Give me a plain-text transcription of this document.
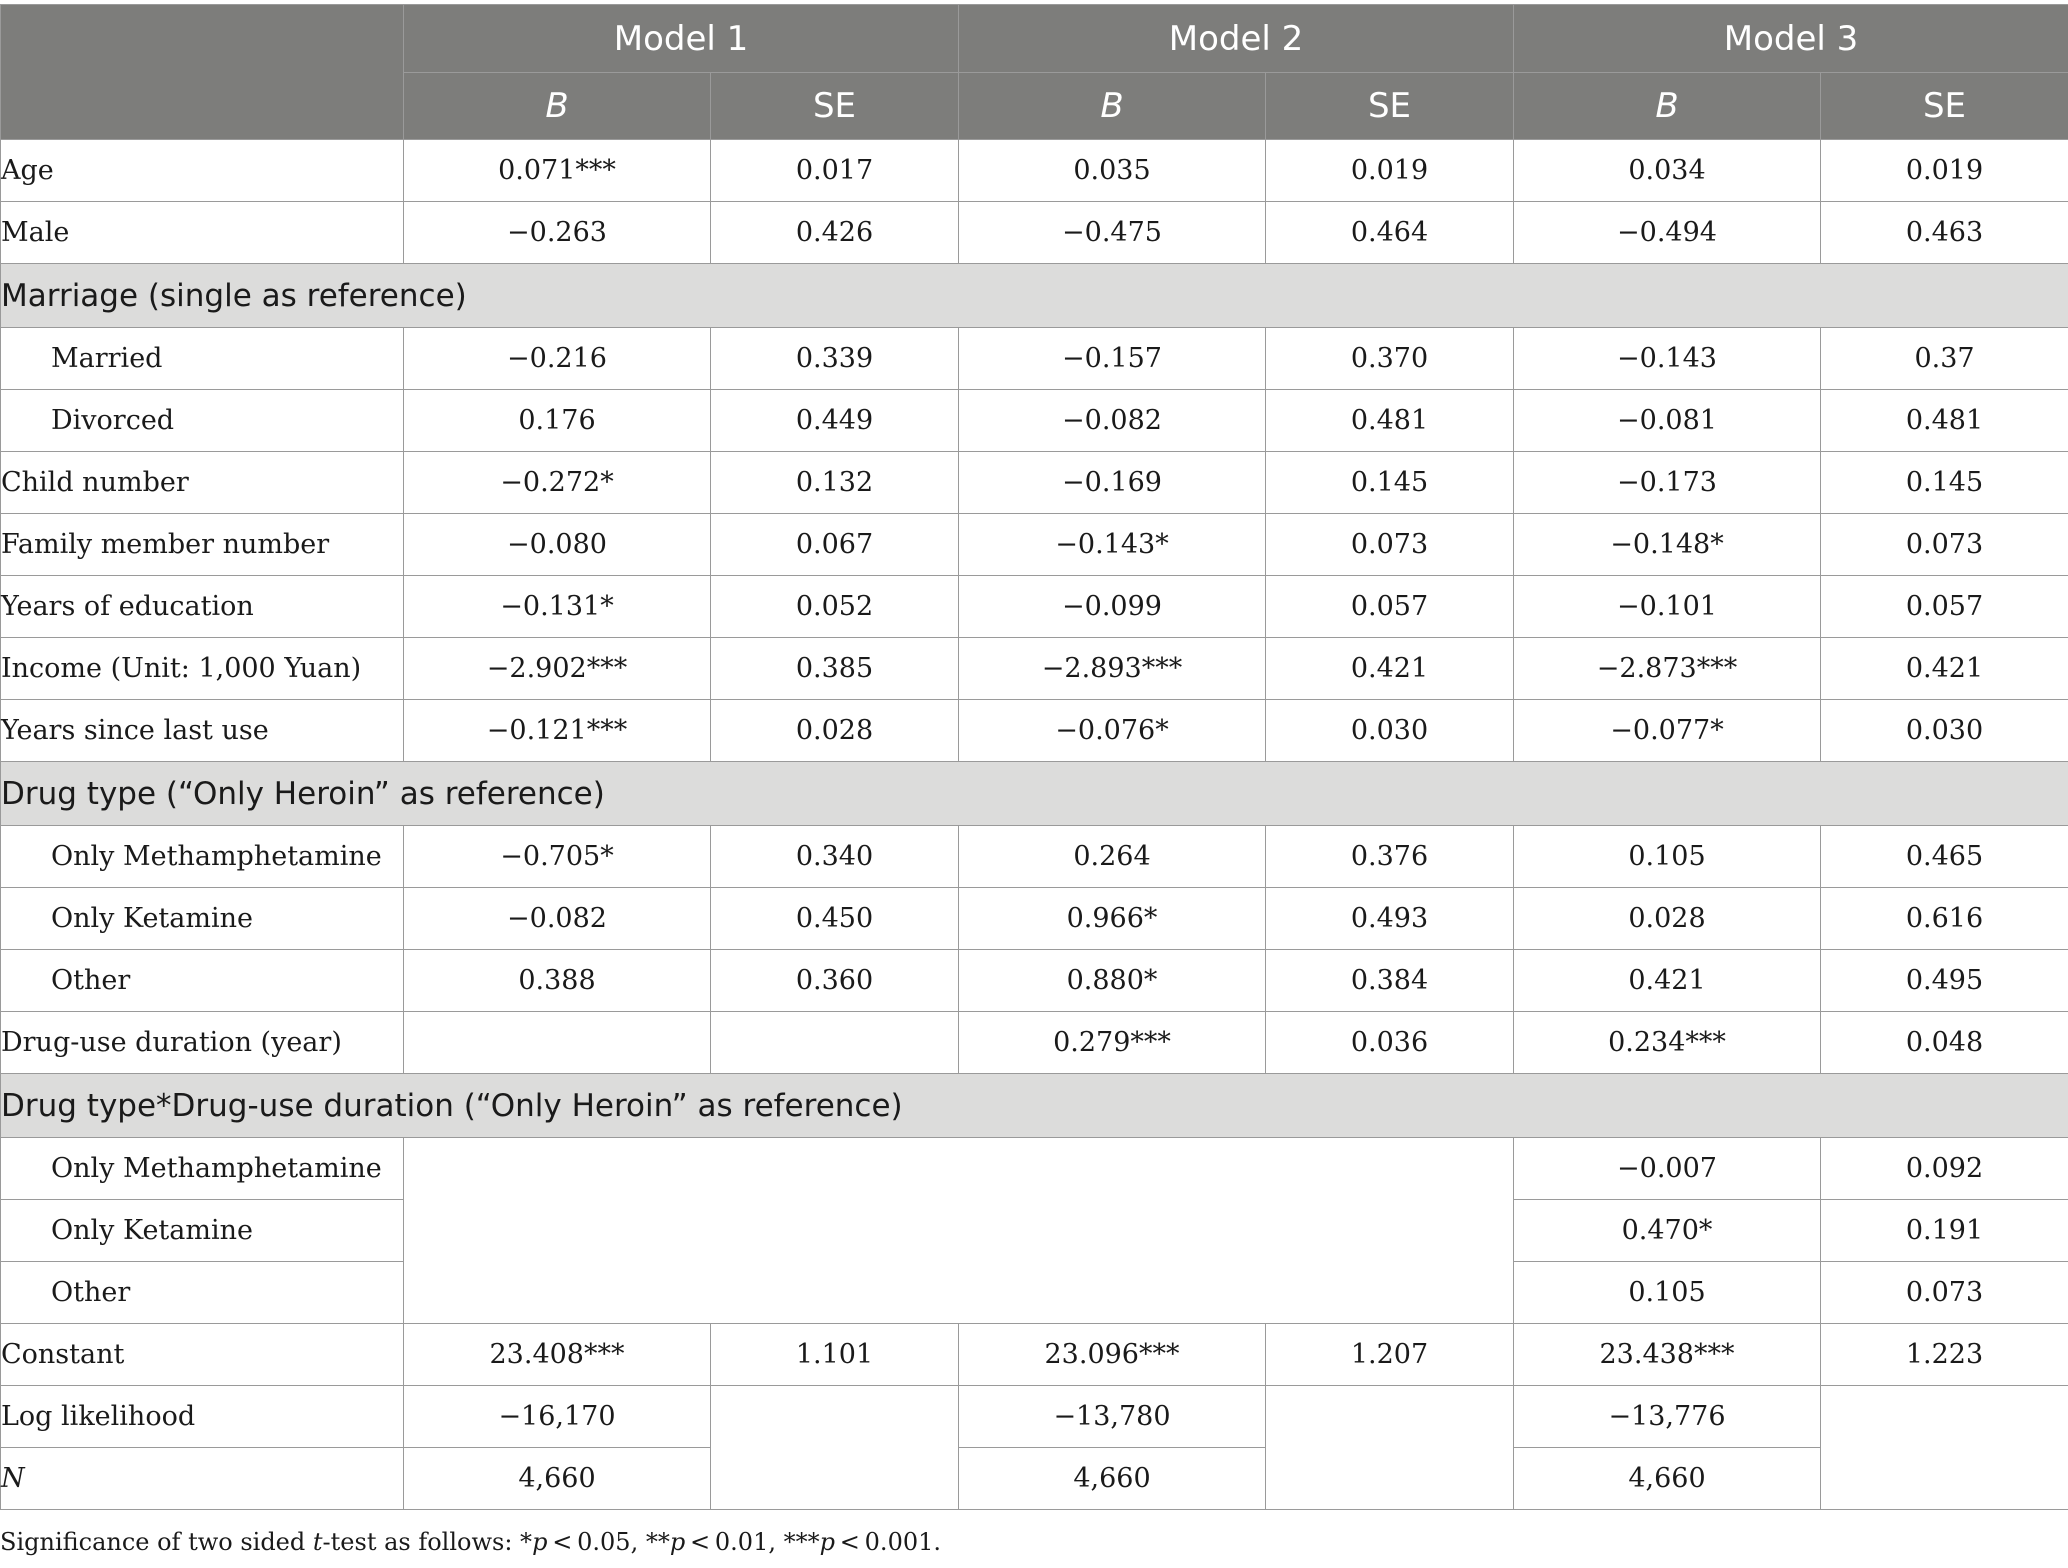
	Model 1		Model 2		Model 3	
	B	SE	B	SE	B	SE
Age	0.071***	0.017	0.035	0.019	0.034	0.019
Male	−0.263	0.426	−0.475	0.464	−0.494	0.463
Marriage (single as reference)						
Married	−0.216	0.339	−0.157	0.370	−0.143	0.37
Divorced	0.176	0.449	−0.082	0.481	−0.081	0.481
Child number	−0.272*	0.132	−0.169	0.145	−0.173	0.145
Family member number	−0.080	0.067	−0.143*	0.073	−0.148*	0.073
Years of education	−0.131*	0.052	−0.099	0.057	−0.101	0.057
Income (Unit: 1,000 Yuan)	−2.902***	0.385	−2.893***	0.421	−2.873***	0.421
Years since last use	−0.121***	0.028	−0.076*	0.030	−0.077*	0.030
Drug type (“Only Heroin” as reference)						
Only Methamphetamine	−0.705*	0.340	0.264	0.376	0.105	0.465
Only Ketamine	−0.082	0.450	0.966*	0.493	0.028	0.616
Other	0.388	0.360	0.880*	0.384	0.421	0.495
Drug-use duration (year)			0.279***	0.036	0.234***	0.048
Drug type*Drug-use duration (“Only Heroin” as reference)						
Only Methamphetamine					−0.007	0.092
Only Ketamine					0.470*	0.191
Other					0.105	0.073
Constant	23.408***	1.101	23.096***	1.207	23.438***	1.223
Log likelihood	−16,170		−13,780		−13,776	
N	4,660		4,660		4,660	
Significance of two sided t-test as follows: *p < 0.05, **p < 0.01, ***p < 0.001.
